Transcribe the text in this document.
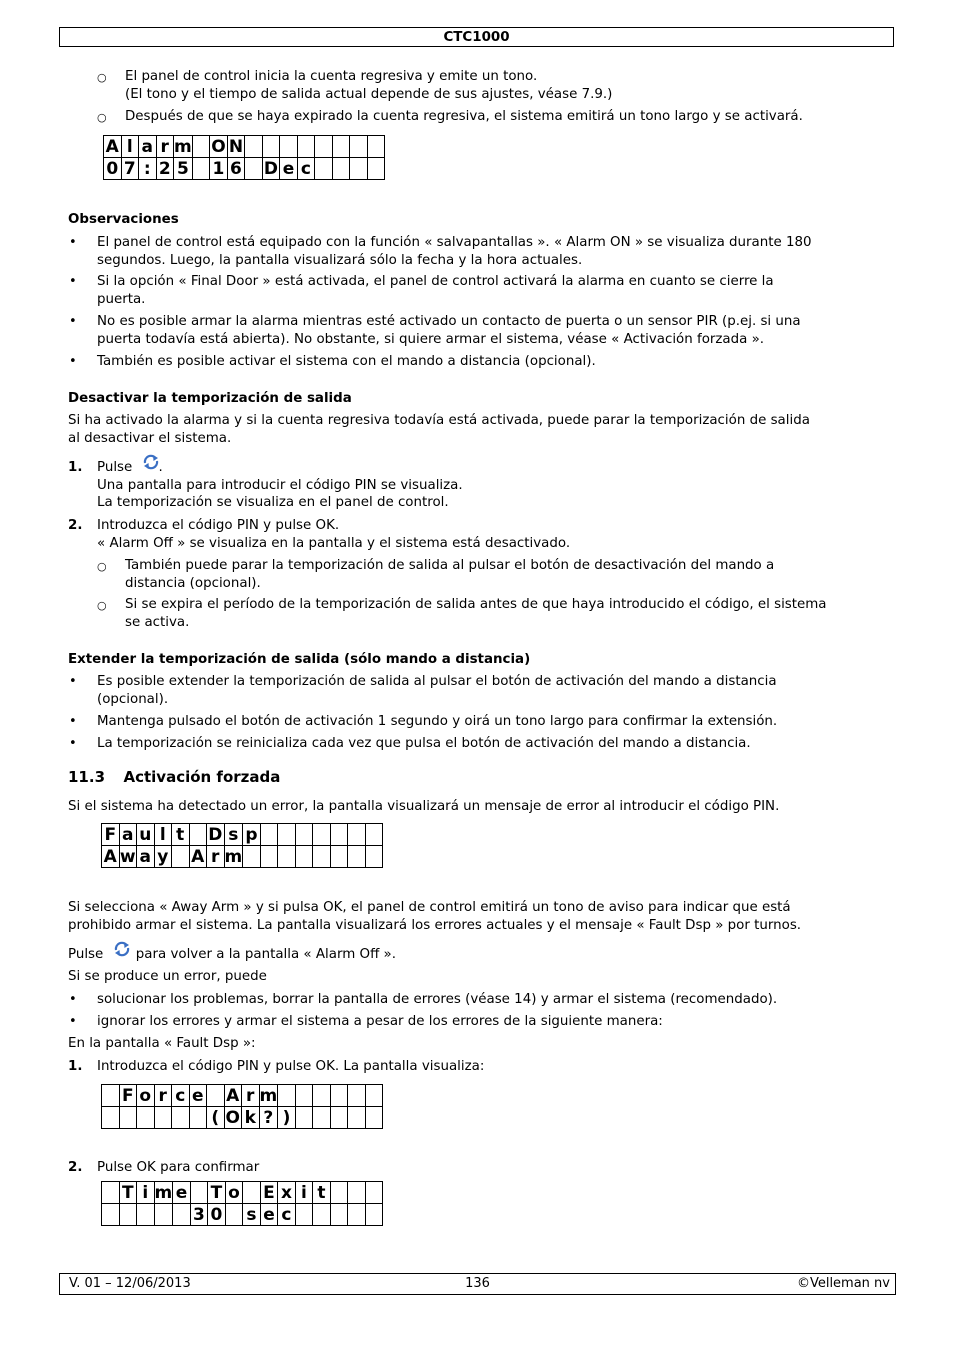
CTC1000
○ El panel de control inicia la cuenta regresiva y emite un tono.
(El tono y el tiempo de salida actual depende de sus ajustes, véase 7.9.)
○ Después de que se haya expirado la cuenta regresiva, el sistema emitirá un tono largo y se activará.
A	l	a	r	m		O	N								
0	7	:	2	5		1	6		D	e	c				
Observaciones
• El panel de control está equipado con la función « salvapantallas ». « Alarm ON » se visualiza durante 180
segundos. Luego, la pantalla visualizará sólo la fecha y la hora actuales.
• Si la opción « Final Door » está activada, el panel de control activará la alarma en cuanto se cierre la
puerta.
• No es posible armar la alarma mientras esté activado un contacto de puerta o un sensor PIR (p.ej. si una
puerta todavía está abierta). No obstante, si quiere armar el sistema, véase « Activación forzada ».
• También es posible activar el sistema con el mando a distancia (opcional).
Desactivar la temporización de salida
Si ha activado la alarma y si la cuenta regresiva todavía está activada, puede parar la temporización de salida
al desactivar el sistema.
1. Pulse .
Una pantalla para introducir el código PIN se visualiza.
La temporización se visualiza en el panel de control.
2. Introduzca el código PIN y pulse OK.
« Alarm Off » se visualiza en la pantalla y el sistema está desactivado.
○ También puede parar la temporización de salida al pulsar el botón de desactivación del mando a
distancia (opcional).
○ Si se expira el período de la temporización de salida antes de que haya introducido el código, el sistema
se activa.
Extender la temporización de salida (sólo mando a distancia)
• Es posible extender la temporización de salida al pulsar el botón de activación del mando a distancia
(opcional).
• Mantenga pulsado el botón de activación 1 segundo y oirá un tono largo para confirmar la extensión.
• La temporización se reinicializa cada vez que pulsa el botón de activación del mando a distancia.
11.3 Activación forzada
Si el sistema ha detectado un error, la pantalla visualizará un mensaje de error al introducir el código PIN.
F	a	u	l	t		D	s	p							
A	w	a	y		A	r	m								
Si selecciona « Away Arm » y si pulsa OK, el panel de control emitirá un tono de aviso para indicar que está
prohibido armar el sistema. La pantalla visualizará los errores actuales y el mensaje « Fault Dsp » por turnos.
Pulse para volver a la pantalla « Alarm Off ».
Si se produce un error, puede
• solucionar los problemas, borrar la pantalla de errores (véase 14) y armar el sistema (recomendado).
• ignorar los errores y armar el sistema a pesar de los errores de la siguiente manera:
En la pantalla « Fault Dsp »:
1. Introduzca el código PIN y pulse OK. La pantalla visualiza:
	F	o	r	c	e		A	r	m						
						(	O	k	?	)					
2. Pulse OK para confirmar
	T	i	m	e		T	o		E	x	i	t			
					3	0		s	e	c					
V. 01 – 12/06/2013	136	©Velleman nv
